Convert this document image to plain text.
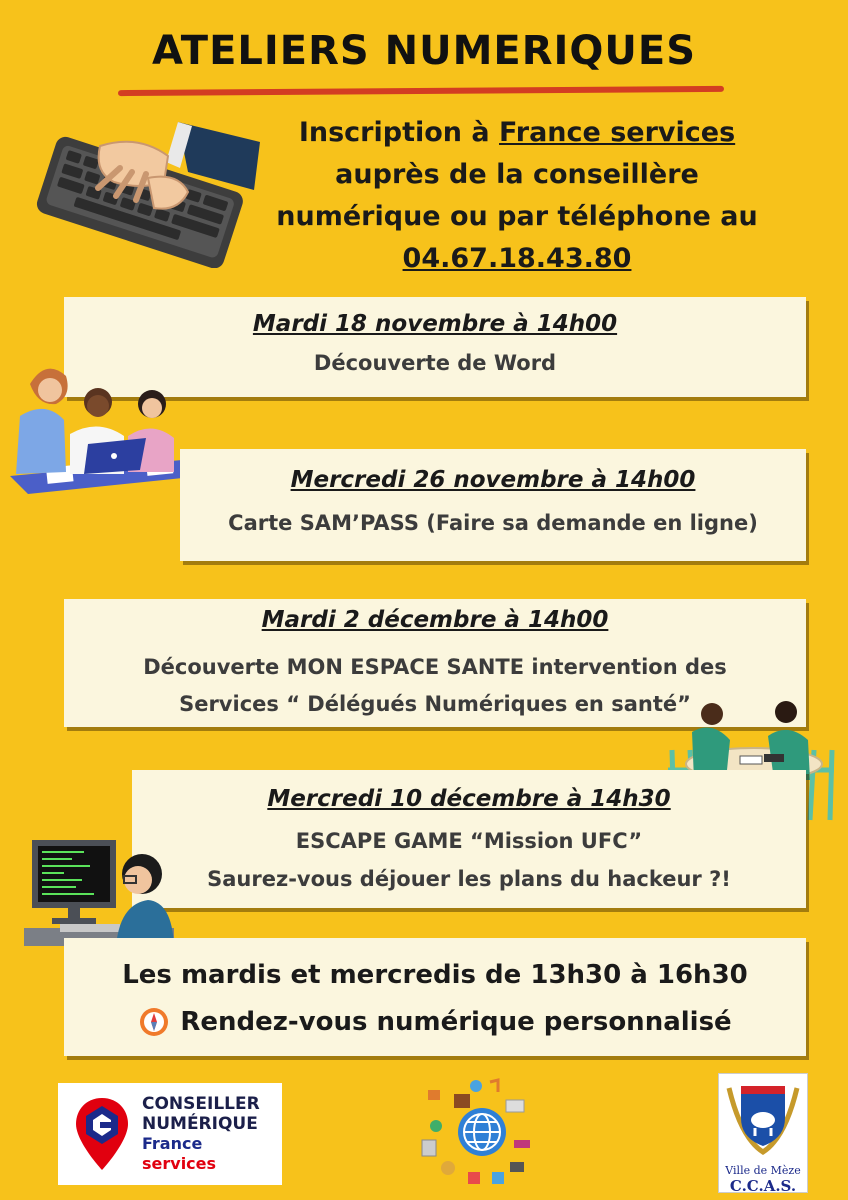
ATELIERS NUMERIQUES
Inscription à France services
auprès de la conseillère
numérique ou par téléphone au
04.67.18.43.80
Mardi 18 novembre à 14h00
Découverte de Word
Mercredi 26 novembre à 14h00
Carte SAM’PASS (Faire sa demande en ligne)
Mardi 2 décembre à 14h00
Découverte MON ESPACE SANTE intervention des
Services “ Délégués Numériques en santé”
Mercredi 10 décembre à 14h30
ESCAPE GAME “Mission UFC”
Saurez-vous déjouer les plans du hackeur ?!
Les mardis et mercredis de 13h30 à 16h30
Rendez-vous numérique personnalisé
CONSEILLER
NUMÉRIQUE
France
services	Ville de Mèze
C.C.A.S.
